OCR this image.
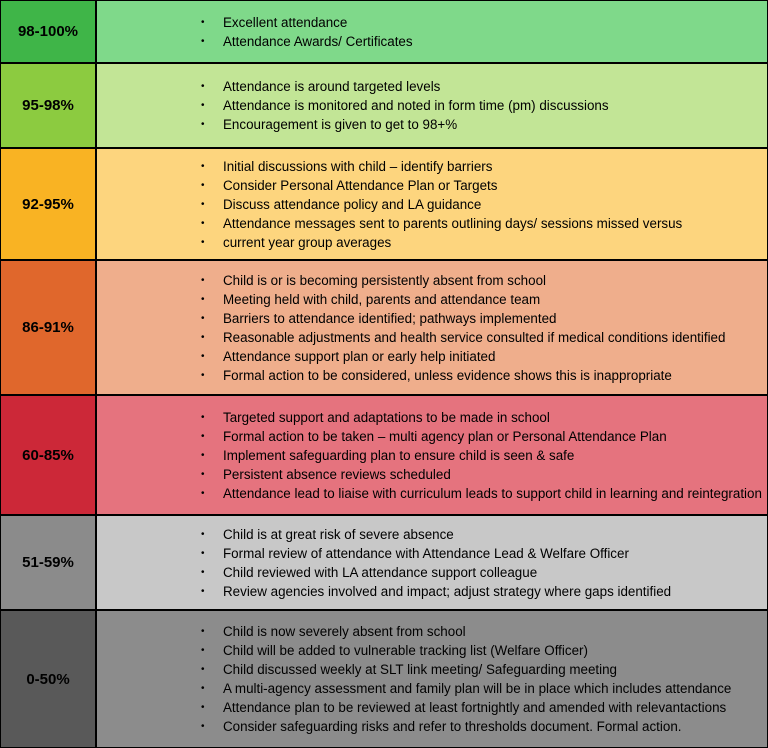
98-100%
• Excellent attendance
• Attendance Awards/ Certificates
95-98%
• Attendance is around targeted levels
• Attendance is monitored and noted in form time (pm) discussions
• Encouragement is given to get to 98+%
92-95%
• Initial discussions with child – identify barriers
• Consider Personal Attendance Plan or Targets
• Discuss attendance policy and LA guidance
• Attendance messages sent to parents outlining days/ sessions missed versus
• current year group averages
86-91%
• Child is or is becoming persistently absent from school
• Meeting held with child, parents and attendance team
• Barriers to attendance identified; pathways implemented
• Reasonable adjustments and health service consulted if medical conditions identified
• Attendance support plan or early help initiated
• Formal action to be considered, unless evidence shows this is inappropriate
60-85%
• Targeted support and adaptations to be made in school
• Formal action to be taken – multi agency plan or Personal Attendance Plan
• Implement safeguarding plan to ensure child is seen & safe
• Persistent absence reviews scheduled
• Attendance lead to liaise with curriculum leads to support child in learning and reintegration
51-59%
• Child is at great risk of severe absence
• Formal review of attendance with Attendance Lead & Welfare Officer
• Child reviewed with LA attendance support colleague
• Review agencies involved and impact; adjust strategy where gaps identified
0-50%
• Child is now severely absent from school
• Child will be added to vulnerable tracking list (Welfare Officer)
• Child discussed weekly at SLT link meeting/ Safeguarding meeting
• A multi-agency assessment and family plan will be in place which includes attendance
• Attendance plan to be reviewed at least fortnightly and amended with relevantactions
• Consider safeguarding risks and refer to thresholds document. Formal action.
